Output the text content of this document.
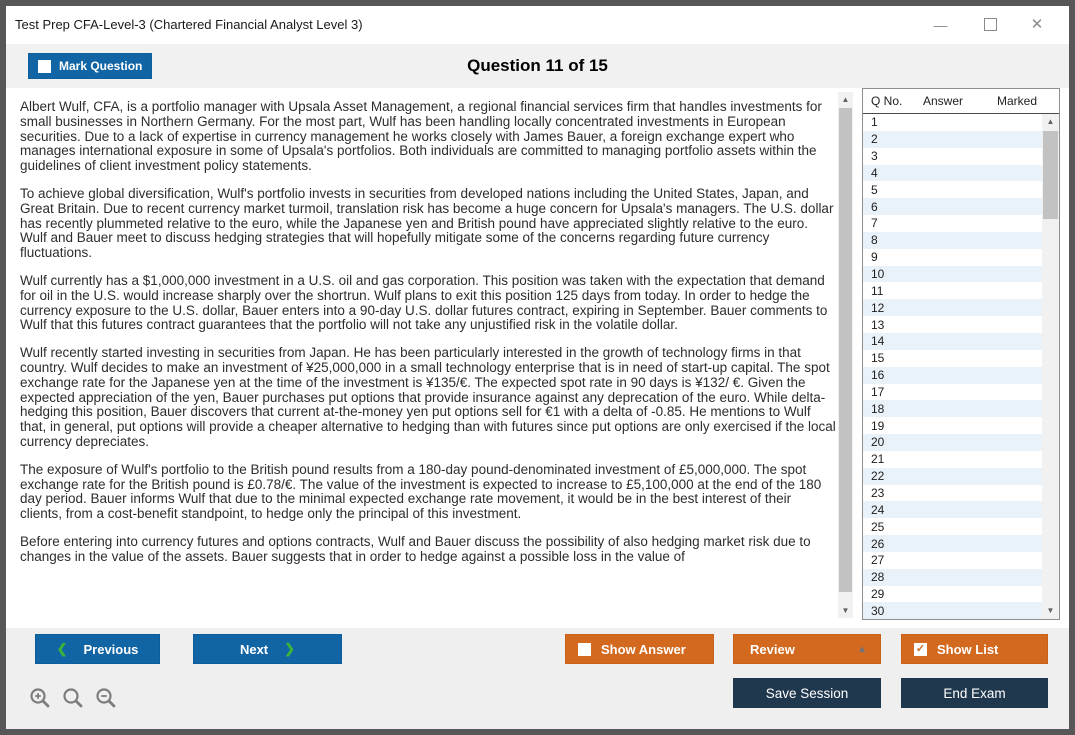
Test Prep CFA-Level-3 (Chartered Financial Analyst Level 3)	—	✕
Question 11 of 15
Mark Question

Albert Wulf, CFA, is a portfolio manager with Upsala Asset Management, a regional financial services firm that handles investments for small businesses in Northern Germany. For the most part, Wulf has been handling locally concentrated investments in European securities. Due to a lack of expertise in currency management he works closely with James Bauer, a foreign exchange expert who manages international exposure in some of Upsala's portfolios. Both individuals are committed to managing portfolio assets within the guidelines of client investment policy statements.

To achieve global diversification, Wulf's portfolio invests in securities from developed nations including the United States, Japan, and Great Britain. Due to recent currency market turmoil, translation risk has become a huge concern for Upsala's managers. The U.S. dollar has recently plummeted relative to the euro, while the Japanese yen and British pound have appreciated slightly relative to the euro. Wulf and Bauer meet to discuss hedging strategies that will hopefully mitigate some of the concerns regarding future currency fluctuations.

Wulf currently has a $1,000,000 investment in a U.S. oil and gas corporation. This position was taken with the expectation that demand for oil in the U.S. would increase sharply over the shortrun. Wulf plans to exit this position 125 days from today. In order to hedge the currency exposure to the U.S. dollar, Bauer enters into a 90-day U.S. dollar futures contract, expiring in September. Bauer comments to Wulf that this futures contract guarantees that the portfolio will not take any unjustified risk in the volatile dollar.

Wulf recently started investing in securities from Japan. He has been particularly interested in the growth of technology firms in that country. Wulf decides to make an investment of ¥25,000,000 in a small technology enterprise that is in need of start-up capital. The spot exchange rate for the Japanese yen at the time of the investment is ¥135/€. The expected spot rate in 90 days is ¥132/ €. Given the expected appreciation of the yen, Bauer purchases put options that provide insurance against any deprecation of the euro. While delta-hedging this position, Bauer discovers that current at-the-money yen put options sell for €1 with a delta of -0.85. He mentions to Wulf that, in general, put options will provide a cheaper alternative to hedging than with futures since put options are only exercised if the local currency depreciates.

The exposure of Wulf's portfolio to the British pound results from a 180-day pound-denominated investment of £5,000,000. The spot exchange rate for the British pound is £0.78/€. The value of the investment is expected to increase to £5,100,000 at the end of the 180 day period. Bauer informs Wulf that due to the minimal expected exchange rate movement, it would be in the best interest of their clients, from a cost-benefit standpoint, to hedge only the principal of this investment.

Before entering into currency futures and options contracts, Wulf and Bauer discuss the possibility of also hedging market risk due to changes in the value of the assets. Bauer suggests that in order to hedge against a possible loss in the value of

▲
▼
Q No. Answer	Marked
1
2
3
4
5
6
7
8
9
10
11
12
13
14
15
16
17
18
19
20
21
22
23
24
25
26
27
28
29
30
▲
▼
❮ Previous	Next ❯	Show Answer	Review	▲	✓ Show List
Save Session	End Exam
